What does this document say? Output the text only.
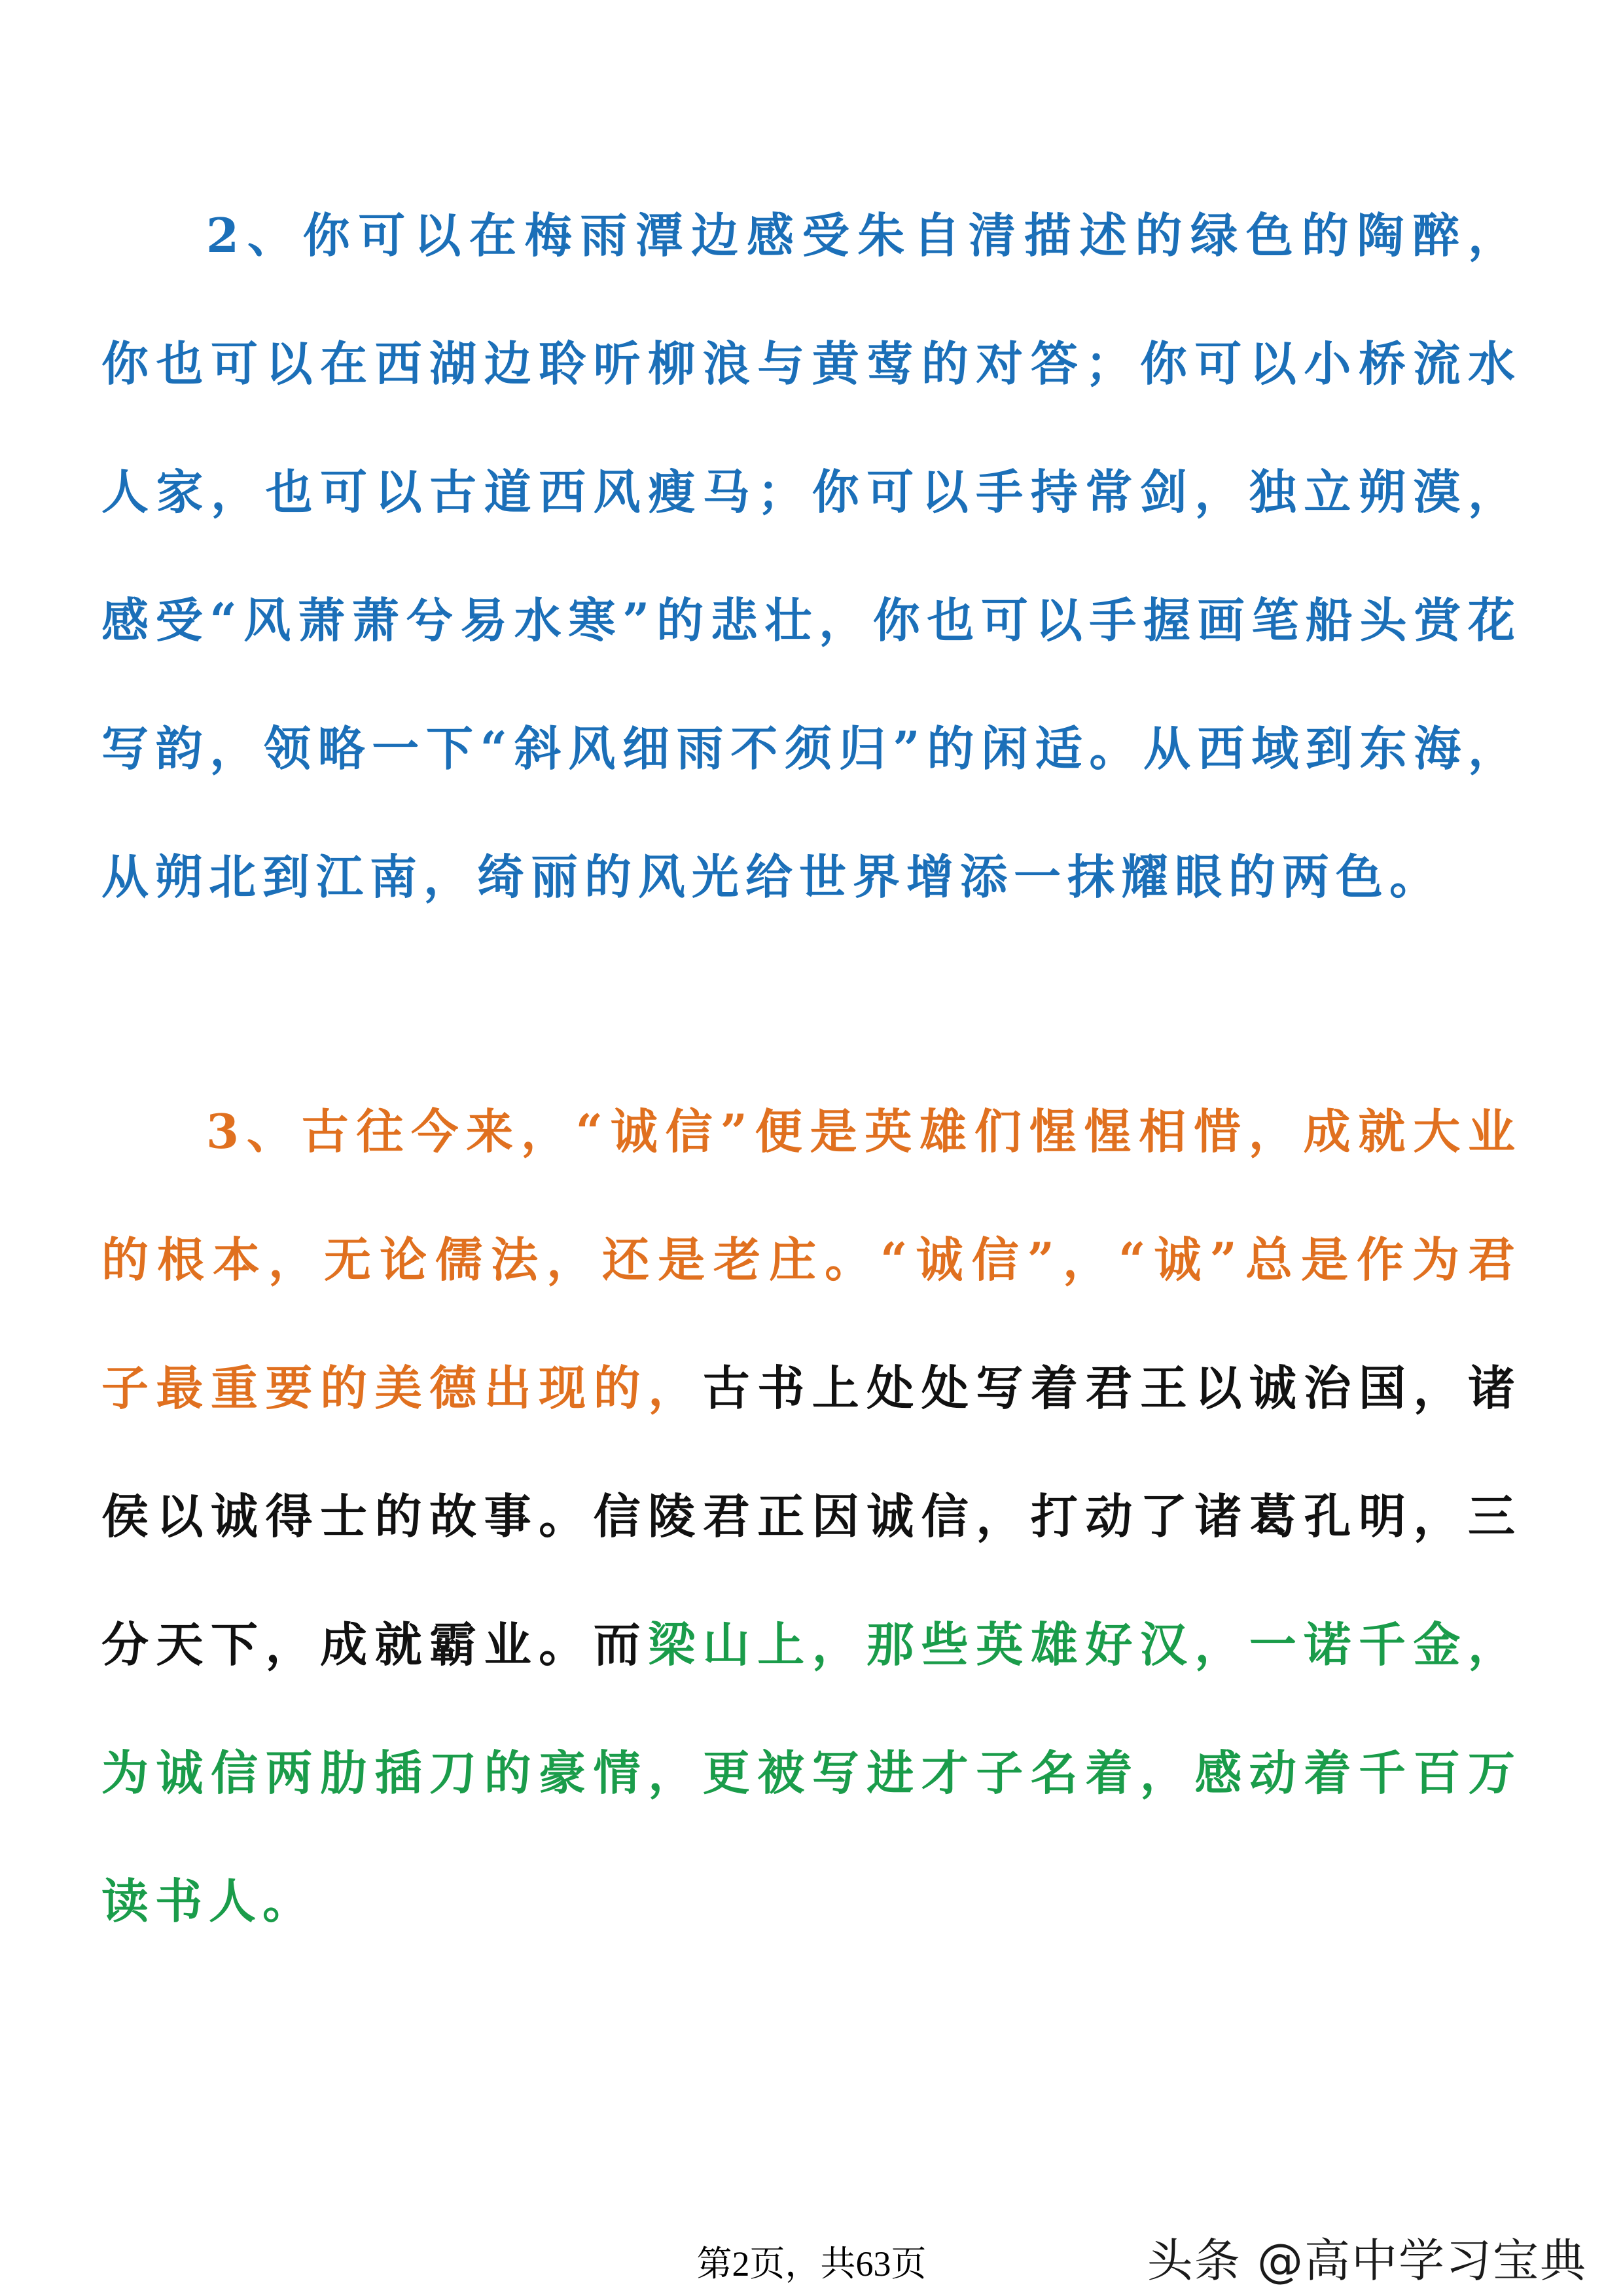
2、你可以在梅雨潭边感受朱自清描述的绿色的陶醉，你也可以在西湖边聆听柳浪与黄莺的对答；你可以小桥流水人家，也可以古道西风瘦马；你可以手持常剑，独立朔漠，感受“风萧萧兮易水寒”的悲壮，你也可以手握画笔船头赏花写韵，领略一下“斜风细雨不须归”的闲适。从西域到东海，从朔北到江南，绮丽的风光给世界增添一抹耀眼的两色。

3、古往今来，“诚信”便是英雄们惺惺相惜，成就大业的根本，无论儒法，还是老庄。“诚信”，“诚”总是作为君子最重要的美德出现的，古书上处处写着君王以诚治国，诸侯以诚得士的故事。信陵君正因诚信，打动了诸葛孔明，三分天下，成就霸业。而梁山上，那些英雄好汉，一诺千金，为诚信两肋插刀的豪情，更被写进才子名着，感动着千百万读书人。

第2页，共63页	头条 @高中学习宝典
